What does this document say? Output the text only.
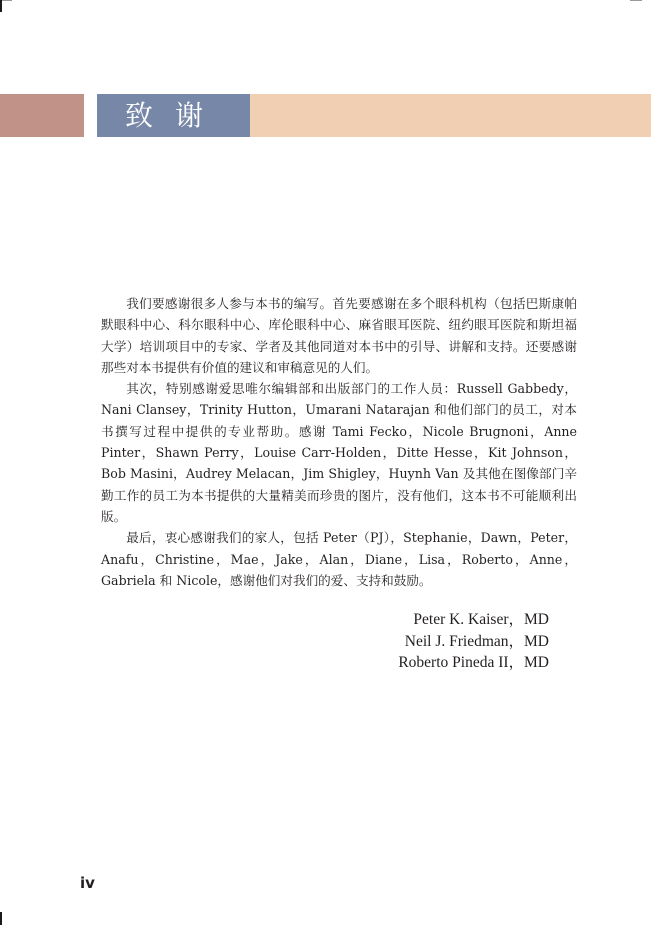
致谢

我们要感谢很多人参与本书的编写。首先要感谢在多个眼科机构（包括巴斯康帕默眼科中心、科尔眼科中心、库伦眼科中心、麻省眼耳医院、纽约眼耳医院和斯坦福大学）培训项目中的专家、学者及其他同道对本书中的引导、讲解和支持。还要感谢那些对本书提供有价值的建议和审稿意见的人们。

其次，特别感谢爱思唯尔编辑部和出版部门的工作人员：Russell Gabbedy，Nani Clansey，Trinity Hutton，Umarani Natarajan 和他们部门的员工，对本书撰写过程中提供的专业帮助。感谢 Tami Fecko，Nicole Brugnoni，Anne Pinter，Shawn Perry，Louise Carr-Holden，Ditte Hesse，Kit Johnson，Bob Masini，Audrey Melacan，Jim Shigley，Huynh Van 及其他在图像部门辛勤工作的员工为本书提供的大量精美而珍贵的图片，没有他们，这本书不可能顺利出版。

最后，衷心感谢我们的家人，包括 Peter（PJ），Stephanie，Dawn，Peter，Anafu，Christine，Mae，Jake，Alan，Diane，Lisa，Roberto，Anne，Gabriela 和 Nicole，感谢他们对我们的爱、支持和鼓励。

Peter K. Kaiser，MD
Neil J. Friedman，MD
Roberto Pineda II，MD
iv
